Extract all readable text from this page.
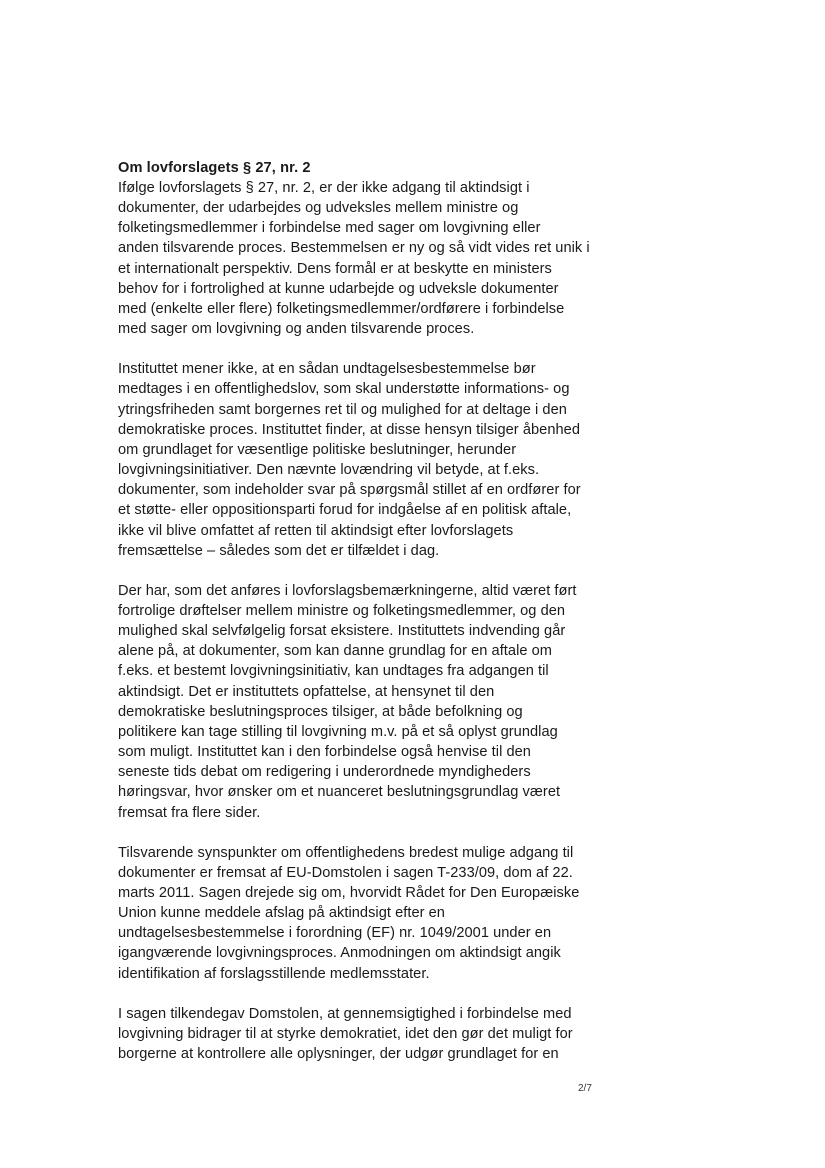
Om lovforslagets § 27, nr. 2

Ifølge lovforslagets § 27, nr. 2, er der ikke adgang til aktindsigt i
dokumenter, der udarbejdes og udveksles mellem ministre og
folketingsmedlemmer i forbindelse med sager om lovgivning eller
anden tilsvarende proces. Bestemmelsen er ny og så vidt vides ret unik i
et internationalt perspektiv. Dens formål er at beskytte en ministers
behov for i fortrolighed at kunne udarbejde og udveksle dokumenter
med (enkelte eller flere) folketingsmedlemmer/ordførere i forbindelse
med sager om lovgivning og anden tilsvarende proces.

Instituttet mener ikke, at en sådan undtagelsesbestemmelse bør
medtages i en offentlighedslov, som skal understøtte informations- og
ytringsfriheden samt borgernes ret til og mulighed for at deltage i den
demokratiske proces. Instituttet finder, at disse hensyn tilsiger åbenhed
om grundlaget for væsentlige politiske beslutninger, herunder
lovgivningsinitiativer. Den nævnte lovændring vil betyde, at f.eks.
dokumenter, som indeholder svar på spørgsmål stillet af en ordfører for
et støtte- eller oppositionsparti forud for indgåelse af en politisk aftale,
ikke vil blive omfattet af retten til aktindsigt efter lovforslagets
fremsættelse – således som det er tilfældet i dag.

Der har, som det anføres i lovforslagsbemærkningerne, altid været ført
fortrolige drøftelser mellem ministre og folketingsmedlemmer, og den
mulighed skal selvfølgelig forsat eksistere. Instituttets indvending går
alene på, at dokumenter, som kan danne grundlag for en aftale om
f.eks. et bestemt lovgivningsinitiativ, kan undtages fra adgangen til
aktindsigt. Det er instituttets opfattelse, at hensynet til den
demokratiske beslutningsproces tilsiger, at både befolkning og
politikere kan tage stilling til lovgivning m.v. på et så oplyst grundlag
som muligt. Instituttet kan i den forbindelse også henvise til den
seneste tids debat om redigering i underordnede myndigheders
høringsvar, hvor ønsker om et nuanceret beslutningsgrundlag været
fremsat fra flere sider.

Tilsvarende synspunkter om offentlighedens bredest mulige adgang til
dokumenter er fremsat af EU-Domstolen i sagen T-233/09, dom af 22.
marts 2011. Sagen drejede sig om, hvorvidt Rådet for Den Europæiske
Union kunne meddele afslag på aktindsigt efter en
undtagelsesbestemmelse i forordning (EF) nr. 1049/2001 under en
igangværende lovgivningsproces. Anmodningen om aktindsigt angik
identifikation af forslagsstillende medlemsstater.

I sagen tilkendegav Domstolen, at gennemsigtighed i forbindelse med
lovgivning bidrager til at styrke demokratiet, idet den gør det muligt for
borgerne at kontrollere alle oplysninger, der udgør grundlaget for en

2/7
